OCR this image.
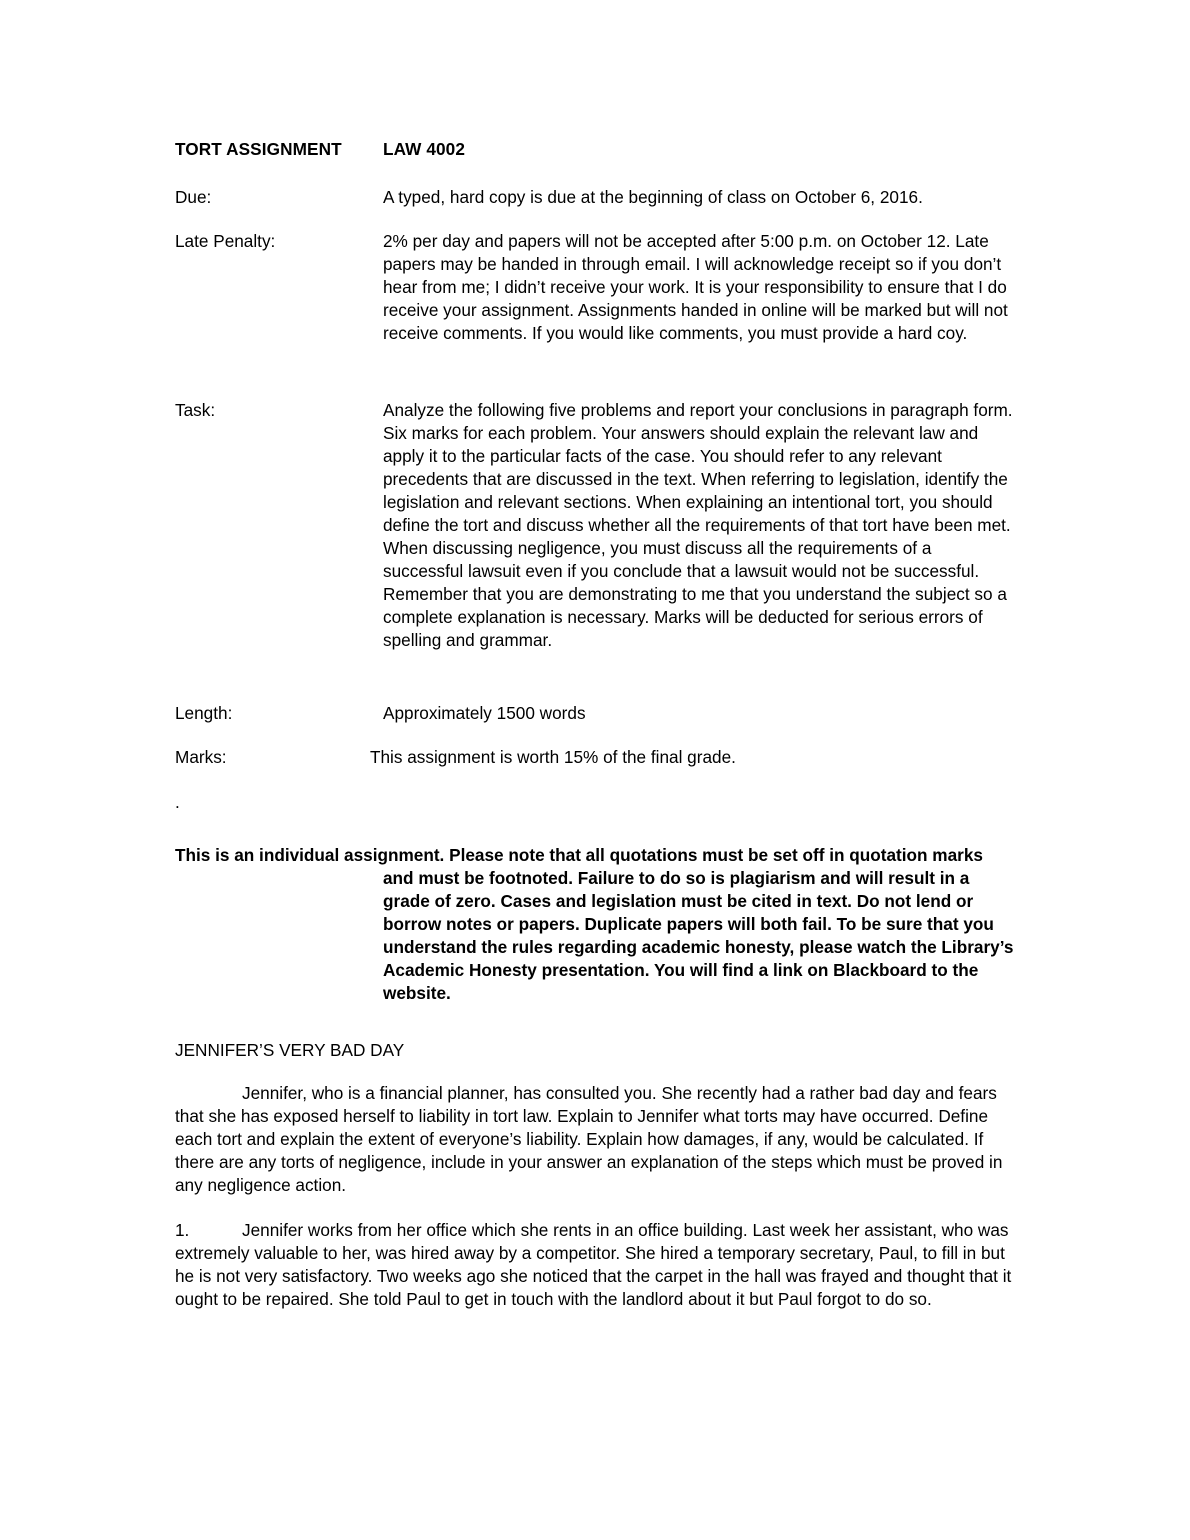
TORT ASSIGNMENT LAW 4002
Due:	A typed, hard copy is due at the beginning of class on October 6, 2016.
Late Penalty:	2% per day and papers will not be accepted after 5:00 p.m. on October 12. Late papers may be handed in through email. I will acknowledge receipt so if you don’t hear from me; I didn’t receive your work. It is your responsibility to ensure that I do receive your assignment. Assignments handed in online will be marked but will not receive comments. If you would like comments, you must provide a hard coy.
Task:	Analyze the following five problems and report your conclusions in paragraph form. Six marks for each problem. Your answers should explain the relevant law and apply it to the particular facts of the case. You should refer to any relevant precedents that are discussed in the text. When referring to legislation, identify the legislation and relevant sections. When explaining an intentional tort, you should define the tort and discuss whether all the requirements of that tort have been met. When discussing negligence, you must discuss all the requirements of a successful lawsuit even if you conclude that a lawsuit would not be successful. Remember that you are demonstrating to me that you understand the subject so a complete explanation is necessary. Marks will be deducted for serious errors of spelling and grammar.
Length:	Approximately 1500 words
Marks:	This assignment is worth 15% of the final grade.
.
This is an individual assignment. Please note that all quotations must be set off in quotation marks and must be footnoted. Failure to do so is plagiarism and will result in a grade of zero. Cases and legislation must be cited in text. Do not lend or borrow notes or papers. Duplicate papers will both fail. To be sure that you understand the rules regarding academic honesty, please watch the Library’s Academic Honesty presentation. You will find a link on Blackboard to the website.
JENNIFER’S VERY BAD DAY
Jennifer, who is a financial planner, has consulted you. She recently had a rather bad day and fears that she has exposed herself to liability in tort law. Explain to Jennifer what torts may have occurred. Define each tort and explain the extent of everyone’s liability. Explain how damages, if any, would be calculated. If there are any torts of negligence, include in your answer an explanation of the steps which must be proved in any negligence action.
1.	Jennifer works from her office which she rents in an office building. Last week her assistant, who was extremely valuable to her, was hired away by a competitor. She hired a temporary secretary, Paul, to fill in but he is not very satisfactory. Two weeks ago she noticed that the carpet in the hall was frayed and thought that it ought to be repaired. She told Paul to get in touch with the landlord about it but Paul forgot to do so.
